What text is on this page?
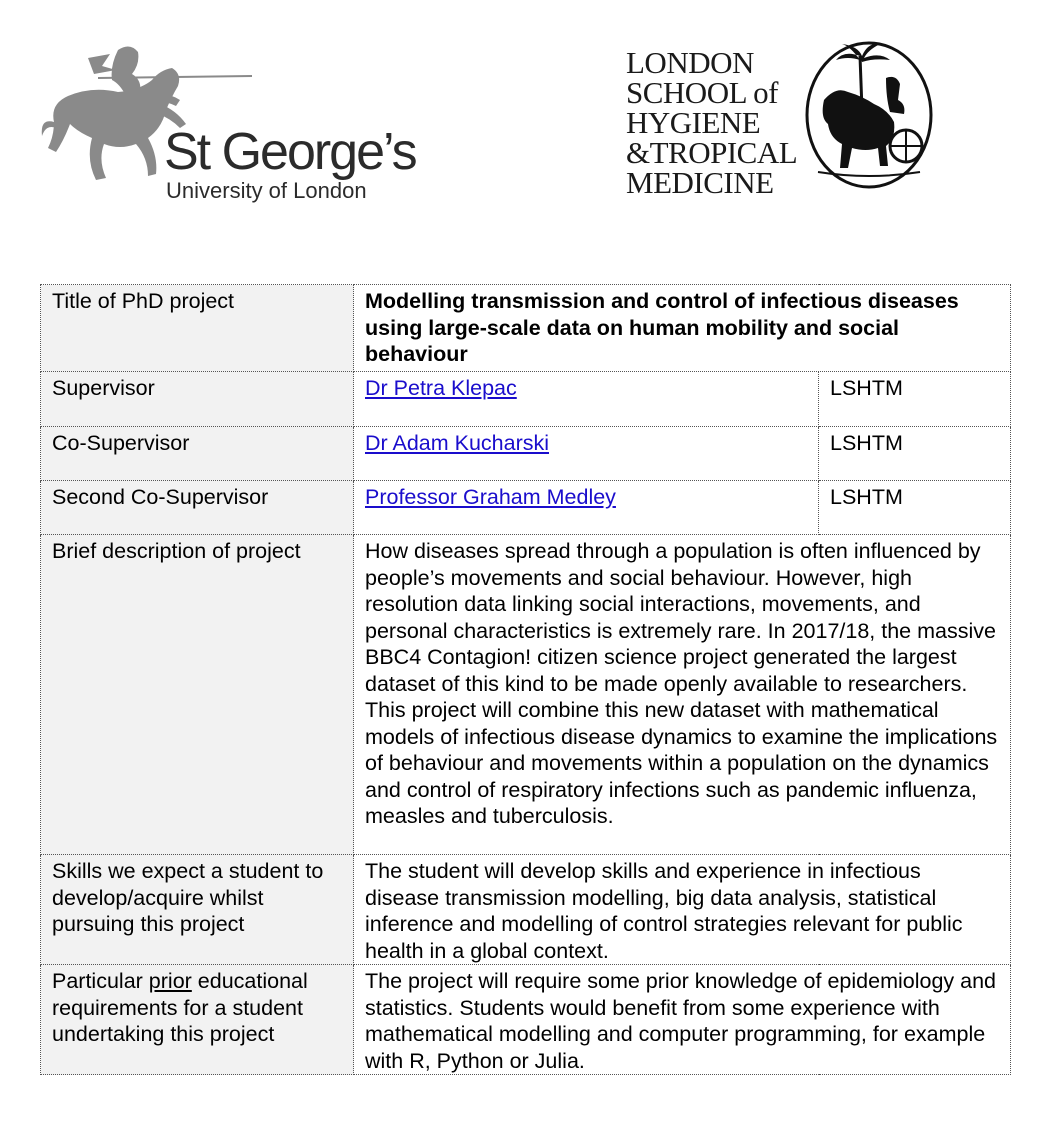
St George’s
University of London
LONDON
SCHOOL of
HYGIENE
&TROPICAL
MEDICINE
Title of PhD project	Modelling transmission and control of infectious diseases using large-scale data on human mobility and social behaviour	
Supervisor	Dr Petra Klepac	LSHTM
Co-Supervisor	Dr Adam Kucharski	LSHTM
Second Co-Supervisor	Professor Graham Medley	LSHTM
Brief description of project	How diseases spread through a population is often influenced by people’s movements and social behaviour. However, high resolution data linking social interactions, movements, and personal characteristics is extremely rare. In 2017/18, the massive BBC4 Contagion! citizen science project generated the largest dataset of this kind to be made openly available to researchers. This project will combine this new dataset with mathematical models of infectious disease dynamics to examine the implications of behaviour and movements within a population on the dynamics and control of respiratory infections such as pandemic influenza, measles and tuberculosis.	
Skills we expect a student to develop/acquire whilst pursuing this project	The student will develop skills and experience in infectious disease transmission modelling, big data analysis, statistical inference and modelling of control strategies relevant for public health in a global context.	
Particular prior educational requirements for a student undertaking this project	The project will require some prior knowledge of epidemiology and statistics. Students would benefit from some experience with mathematical modelling and computer programming, for example with R, Python or Julia.	
